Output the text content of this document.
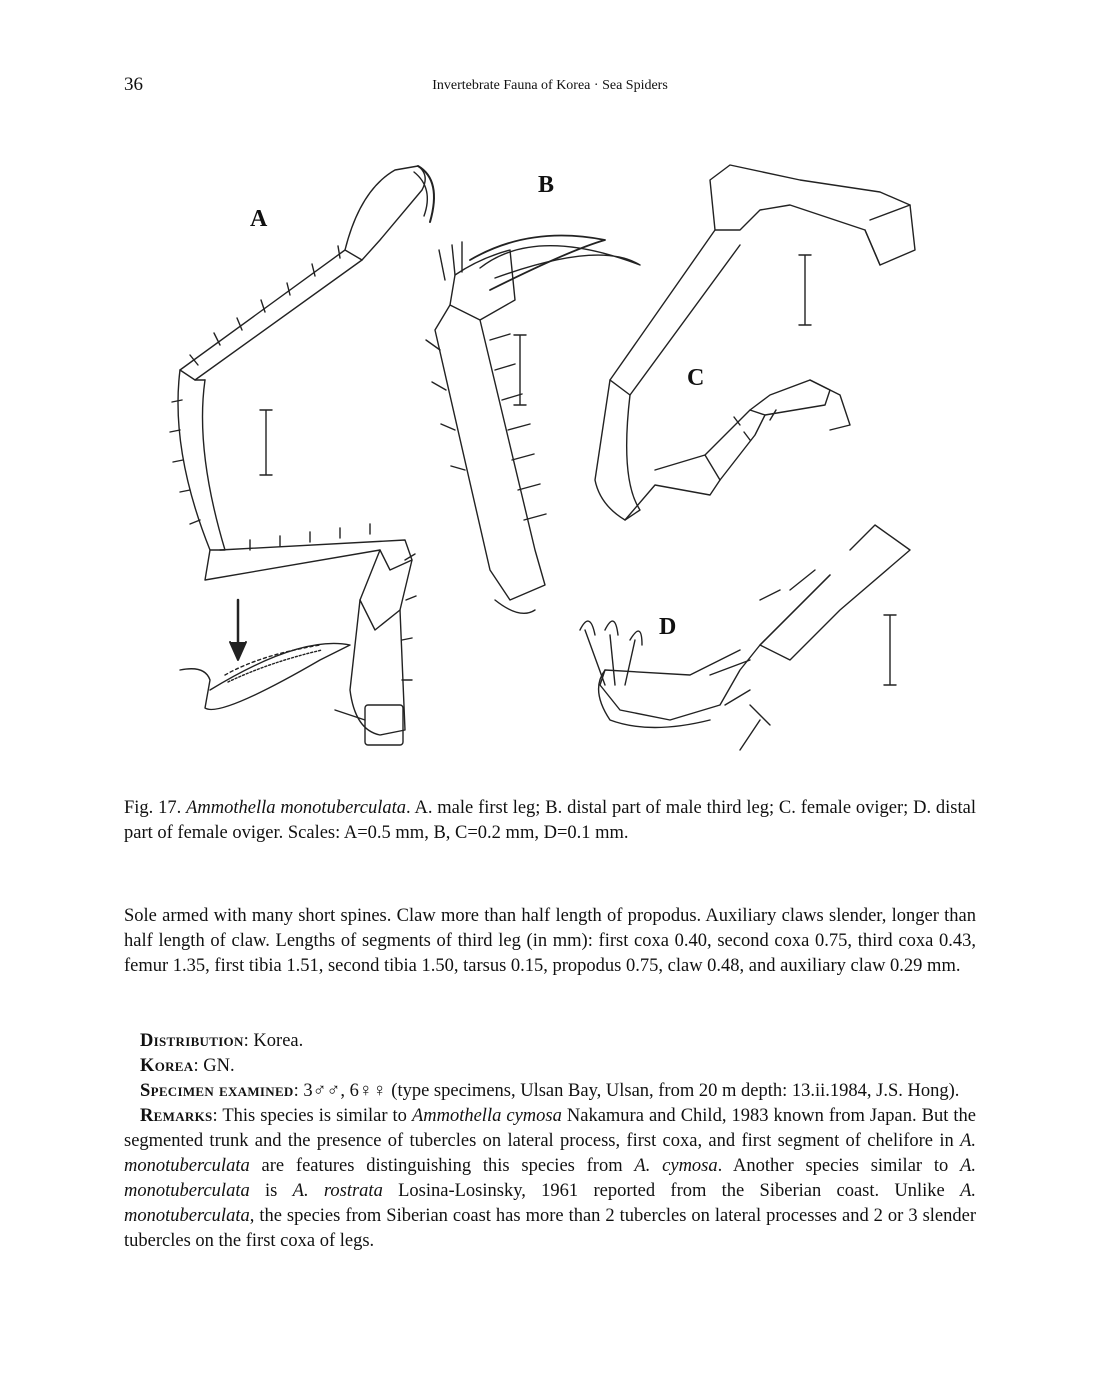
36	Invertebrate Fauna of Korea · Sea Spiders
A
B
C
D
Fig. 17. Ammothella monotuberculata. A. male first leg; B. distal part of male third leg; C. female oviger; D. distal part of female oviger. Scales: A=0.5 mm, B, C=0.2 mm, D=0.1 mm.

Sole armed with many short spines. Claw more than half length of propodus. Auxiliary claws slender, longer than half length of claw. Lengths of segments of third leg (in mm): first coxa 0.40, second coxa 0.75, third coxa 0.43, femur 1.35, first tibia 1.51, second tibia 1.50, tarsus 0.15, propodus 0.75, claw 0.48, and auxiliary claw 0.29 mm.

Distribution: Korea.

Korea: GN.

Specimen examined: 3♂♂, 6♀♀ (type specimens, Ulsan Bay, Ulsan, from 20 m depth: 13.ii.1984, J.S. Hong).

Remarks: This species is similar to Ammothella cymosa Nakamura and Child, 1983 known from Japan. But the segmented trunk and the presence of tubercles on lateral process, first coxa, and first segment of chelifore in A. monotuberculata are features distinguishing this species from A. cymosa. Another species similar to A. monotuberculata is A. rostrata Losina-Losinsky, 1961 reported from the Siberian coast. Unlike A. monotuberculata, the species from Siberian coast has more than 2 tubercles on lateral processes and 2 or 3 slender tubercles on the first coxa of legs.
